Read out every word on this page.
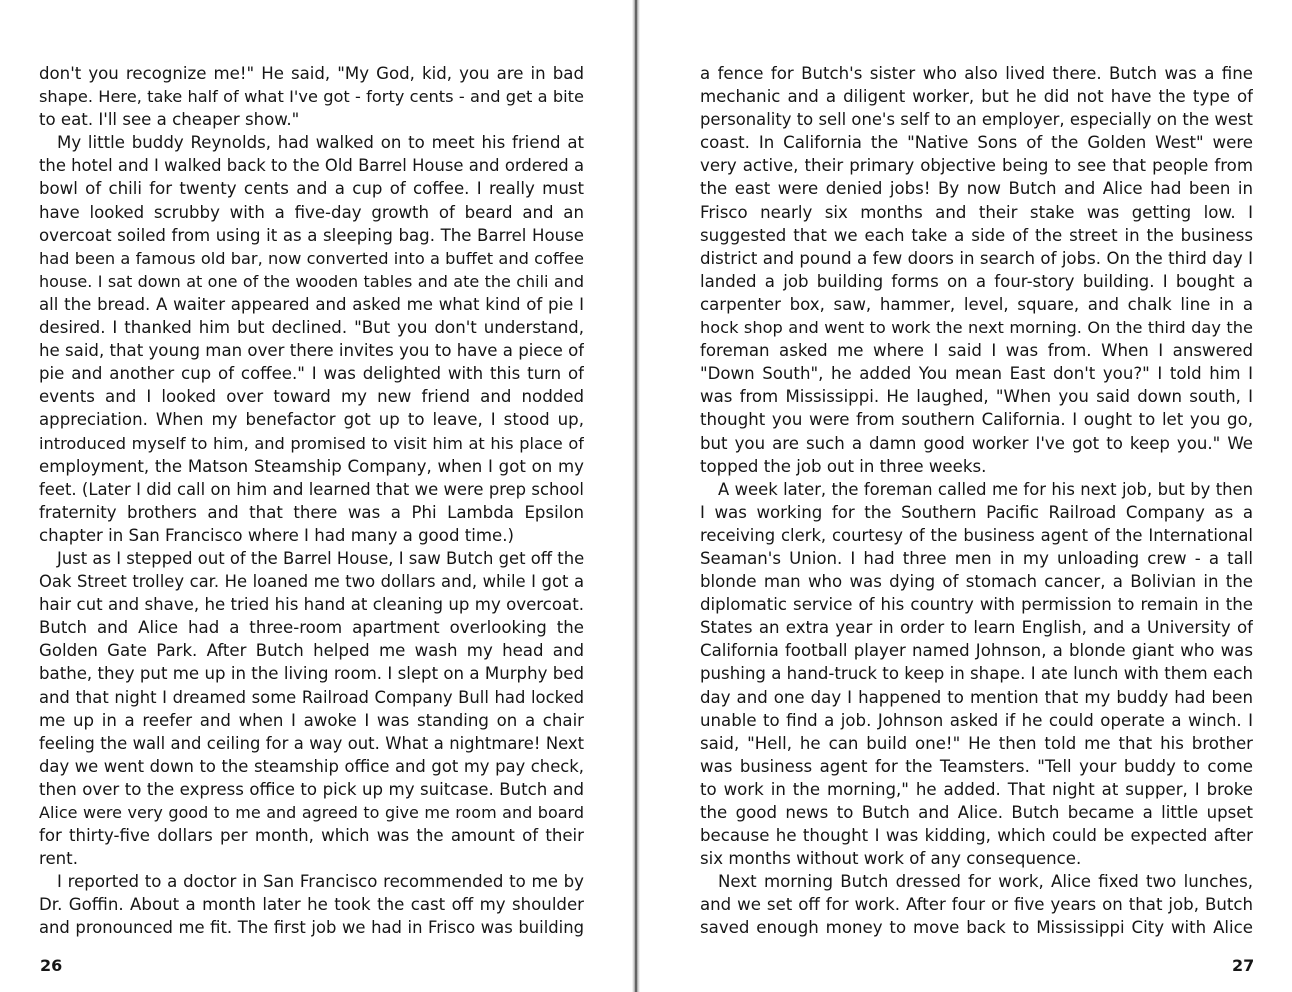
don't you recognize me!" He said, "My God, kid, you are in bad
shape. Here, take half of what I've got - forty cents - and get a bite
to eat. I'll see a cheaper show."
My little buddy Reynolds, had walked on to meet his friend at
the hotel and I walked back to the Old Barrel House and ordered a
bowl of chili for twenty cents and a cup of coffee. I really must
have looked scrubby with a five-day growth of beard and an
overcoat soiled from using it as a sleeping bag. The Barrel House
had been a famous old bar, now converted into a buffet and coffee
house. I sat down at one of the wooden tables and ate the chili and
all the bread. A waiter appeared and asked me what kind of pie I
desired. I thanked him but declined. "But you don't understand,
he said, that young man over there invites you to have a piece of
pie and another cup of coffee." I was delighted with this turn of
events and I looked over toward my new friend and nodded
appreciation. When my benefactor got up to leave, I stood up,
introduced myself to him, and promised to visit him at his place of
employment, the Matson Steamship Company, when I got on my
feet. (Later I did call on him and learned that we were prep school
fraternity brothers and that there was a Phi Lambda Epsilon
chapter in San Francisco where I had many a good time.)
Just as I stepped out of the Barrel House, I saw Butch get off the
Oak Street trolley car. He loaned me two dollars and, while I got a
hair cut and shave, he tried his hand at cleaning up my overcoat.
Butch and Alice had a three-room apartment overlooking the
Golden Gate Park. After Butch helped me wash my head and
bathe, they put me up in the living room. I slept on a Murphy bed
and that night I dreamed some Railroad Company Bull had locked
me up in a reefer and when I awoke I was standing on a chair
feeling the wall and ceiling for a way out. What a nightmare! Next
day we went down to the steamship office and got my pay check,
then over to the express office to pick up my suitcase. Butch and
Alice were very good to me and agreed to give me room and board
for thirty-five dollars per month, which was the amount of their
rent.
I reported to a doctor in San Francisco recommended to me by
Dr. Goffin. About a month later he took the cast off my shoulder
and pronounced me fit. The first job we had in Frisco was building
26
a fence for Butch's sister who also lived there. Butch was a fine
mechanic and a diligent worker, but he did not have the type of
personality to sell one's self to an employer, especially on the west
coast. In California the "Native Sons of the Golden West" were
very active, their primary objective being to see that people from
the east were denied jobs! By now Butch and Alice had been in
Frisco nearly six months and their stake was getting low. I
suggested that we each take a side of the street in the business
district and pound a few doors in search of jobs. On the third day I
landed a job building forms on a four-story building. I bought a
carpenter box, saw, hammer, level, square, and chalk line in a
hock shop and went to work the next morning. On the third day the
foreman asked me where I said I was from. When I answered
"Down South", he added You mean East don't you?" I told him I
was from Mississippi. He laughed, "When you said down south, I
thought you were from southern California. I ought to let you go,
but you are such a damn good worker I've got to keep you." We
topped the job out in three weeks.
A week later, the foreman called me for his next job, but by then
I was working for the Southern Pacific Railroad Company as a
receiving clerk, courtesy of the business agent of the International
Seaman's Union. I had three men in my unloading crew - a tall
blonde man who was dying of stomach cancer, a Bolivian in the
diplomatic service of his country with permission to remain in the
States an extra year in order to learn English, and a University of
California football player named Johnson, a blonde giant who was
pushing a hand-truck to keep in shape. I ate lunch with them each
day and one day I happened to mention that my buddy had been
unable to find a job. Johnson asked if he could operate a winch. I
said, "Hell, he can build one!" He then told me that his brother
was business agent for the Teamsters. "Tell your buddy to come
to work in the morning," he added. That night at supper, I broke
the good news to Butch and Alice. Butch became a little upset
because he thought I was kidding, which could be expected after
six months without work of any consequence.
Next morning Butch dressed for work, Alice fixed two lunches,
and we set off for work. After four or five years on that job, Butch
saved enough money to move back to Mississippi City with Alice
27
